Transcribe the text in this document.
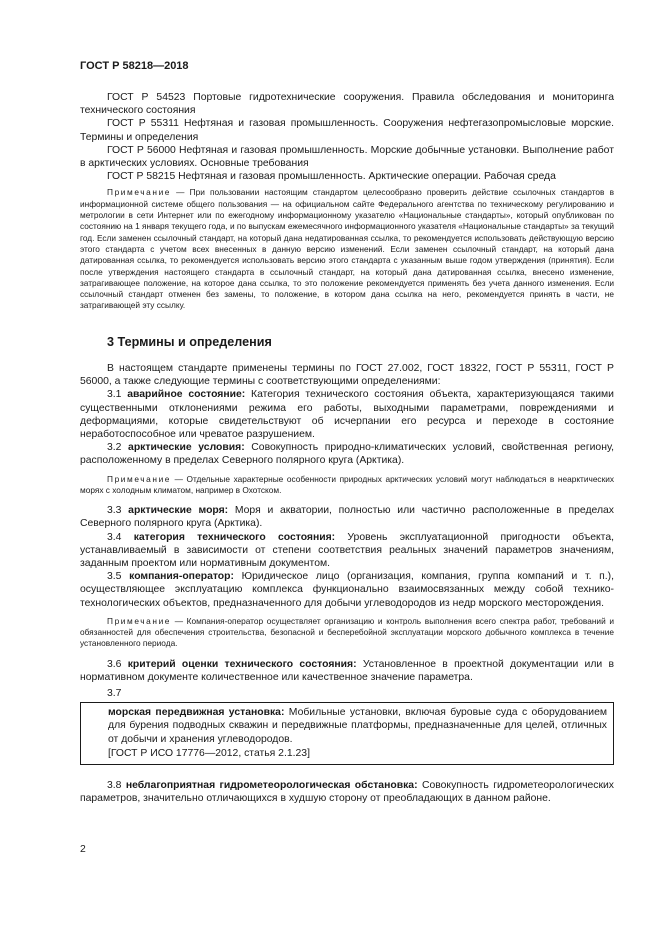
ГОСТ Р 58218—2018

ГОСТ Р 54523 Портовые гидротехнические сооружения. Правила обследования и мониторинга технического состояния

ГОСТ Р 55311 Нефтяная и газовая промышленность. Сооружения нефтегазопромысловые морские. Термины и определения

ГОСТ Р 56000 Нефтяная и газовая промышленность. Морские добычные установки. Выполнение работ в арктических условиях. Основные требования

ГОСТ Р 58215 Нефтяная и газовая промышленность. Арктические операции. Рабочая среда

Примечание — При пользовании настоящим стандартом целесообразно проверить действие ссылочных стандартов в информационной системе общего пользования — на официальном сайте Федерального агентства по техническому регулированию и метрологии в сети Интернет или по ежегодному информационному указателю «Национальные стандарты», который опубликован по состоянию на 1 января текущего года, и по выпускам ежемесячного информационного указателя «Национальные стандарты» за текущий год. Если заменен ссылочный стандарт, на который дана недатированная ссылка, то рекомендуется использовать действующую версию этого стандарта с учетом всех внесенных в данную версию изменений. Если заменен ссылочный стандарт, на который дана датированная ссылка, то рекомендуется использовать версию этого стандарта с указанным выше годом утверждения (принятия). Если после утверждения настоящего стандарта в ссылочный стандарт, на который дана датированная ссылка, внесено изменение, затрагивающее положение, на которое дана ссылка, то это положение рекомендуется применять без учета данного изменения. Если ссылочный стандарт отменен без замены, то положение, в котором дана ссылка на него, рекомендуется принять в части, не затрагивающей эту ссылку.

3 Термины и определения

В настоящем стандарте применены термины по ГОСТ 27.002, ГОСТ 18322, ГОСТ Р 55311, ГОСТ Р 56000, а также следующие термины с соответствующими определениями:

3.1 аварийное состояние: Категория технического состояния объекта, характеризующаяся такими существенными отклонениями режима его работы, выходными параметрами, повреждениями и деформациями, которые свидетельствуют об исчерпании его ресурса и переходе в состояние неработоспособное или чреватое разрушением.

3.2 арктические условия: Совокупность природно-климатических условий, свойственная региону, расположенному в пределах Северного полярного круга (Арктика).

Примечание — Отдельные характерные особенности природных арктических условий могут наблюдаться в неарктических морях с холодным климатом, например в Охотском.

3.3 арктические моря: Моря и акватории, полностью или частично расположенные в пределах Северного полярного круга (Арктика).

3.4 категория технического состояния: Уровень эксплуатационной пригодности объекта, устанавливаемый в зависимости от степени соответствия реальных значений параметров значениям, заданным проектом или нормативным документом.

3.5 компания-оператор: Юридическое лицо (организация, компания, группа компаний и т. п.), осуществляющее эксплуатацию комплекса функционально взаимосвязанных между собой технико-технологических объектов, предназначенного для добычи углеводородов из недр морского месторождения.

Примечание — Компания-оператор осуществляет организацию и контроль выполнения всего спектра работ, требований и обязанностей для обеспечения строительства, безопасной и бесперебойной эксплуатации морского добычного комплекса в течение установленного периода.

3.6 критерий оценки технического состояния: Установленное в проектной документации или в нормативном документе количественное или качественное значение параметра.

3.7

морская передвижная установка: Мобильные установки, включая буровые суда с оборудованием для бурения подводных скважин и передвижные платформы, предназначенные для целей, отличных от добычи и хранения углеводородов.

[ГОСТ Р ИСО 17776—2012, статья 2.1.23]

3.8 неблагоприятная гидрометеорологическая обстановка: Совокупность гидрометеорологических параметров, значительно отличающихся в худшую сторону от преобладающих в данном районе.

2
